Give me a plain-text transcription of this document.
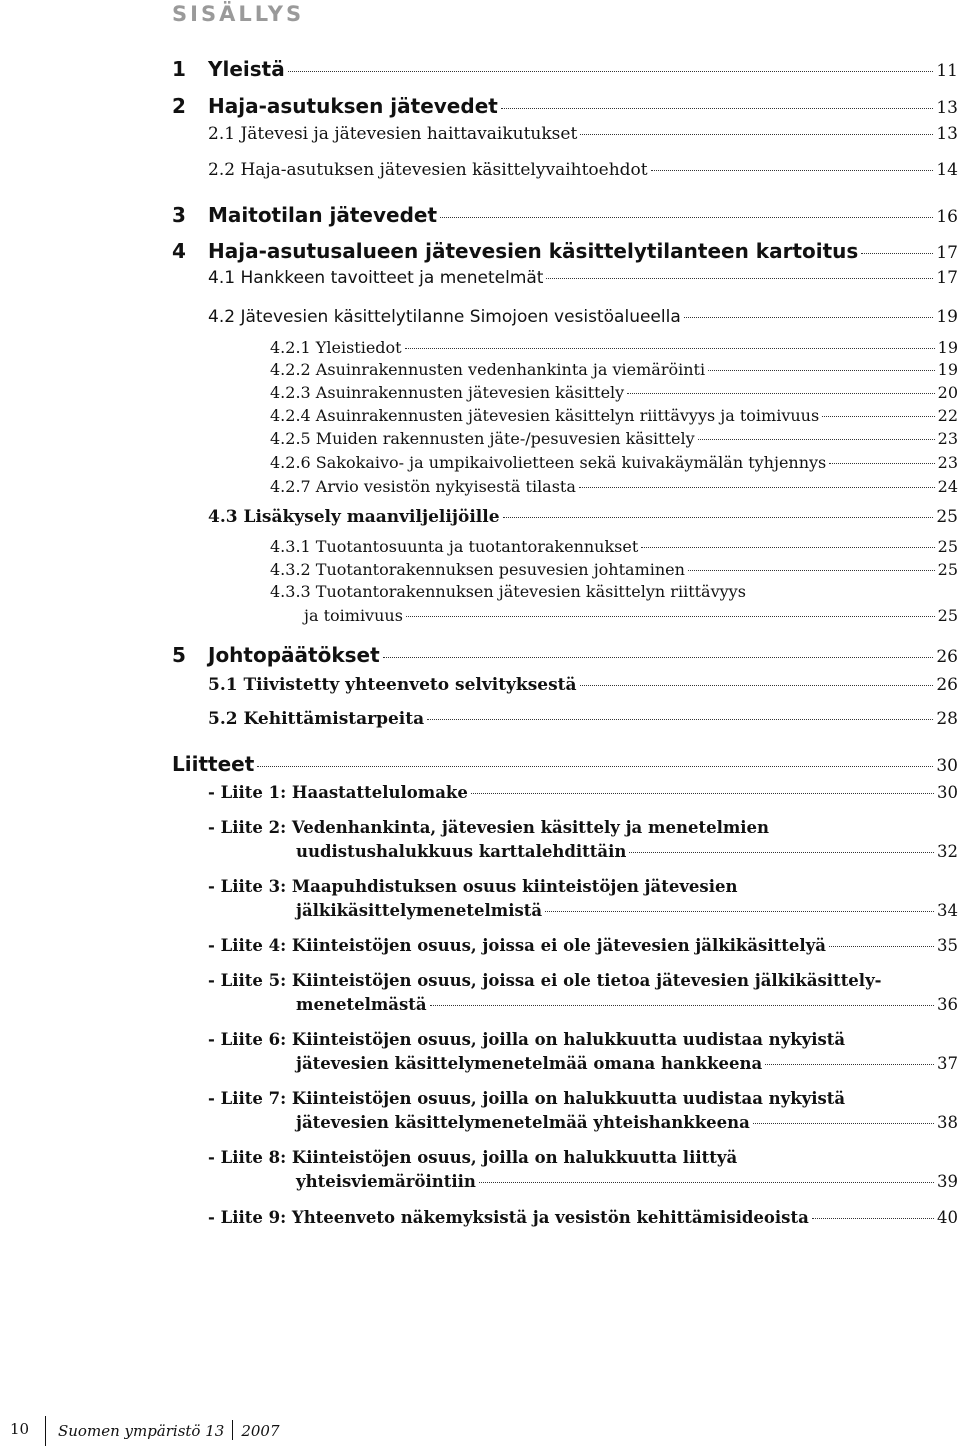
SISÄLLYS
1	Yleistä	11
2	Haja-asutuksen jätevedet	13
2.1 Jätevesi ja jätevesien haittavaikutukset	13
2.2 Haja-asutuksen jätevesien käsittelyvaihtoehdot	14
3	Maitotilan jätevedet	16
4	Haja-asutusalueen jätevesien käsittelytilanteen kartoitus	17
4.1 Hankkeen tavoitteet ja menetelmät	17
4.2 Jätevesien käsittelytilanne Simojoen vesistöalueella	19
4.2.1 Yleistiedot	19
4.2.2 Asuinrakennusten vedenhankinta ja viemäröinti	19
4.2.3 Asuinrakennusten jätevesien käsittely	20
4.2.4 Asuinrakennusten jätevesien käsittelyn riittävyys ja toimivuus	22
4.2.5 Muiden rakennusten jäte-/pesuvesien käsittely	23
4.2.6 Sakokaivo- ja umpikaivolietteen sekä kuivakäymälän tyhjennys	23
4.2.7 Arvio vesistön nykyisestä tilasta	24
4.3 Lisäkysely maanviljelijöille	25
4.3.1 Tuotantosuunta ja tuotantorakennukset	25
4.3.2 Tuotantorakennuksen pesuvesien johtaminen	25
4.3.3 Tuotantorakennuksen jätevesien käsittelyn riittävyys
ja toimivuus	25
5	Johtopäätökset	26
5.1 Tiivistetty yhteenveto selvityksestä	26
5.2 Kehittämistarpeita	28
Liitteet	30
- Liite 1: Haastattelulomake	30
- Liite 2: Vedenhankinta, jätevesien käsittely ja menetelmien
uudistushalukkuus karttalehdittäin	32
- Liite 3: Maapuhdistuksen osuus kiinteistöjen jätevesien
jälkikäsittelymenetelmistä	34
- Liite 4: Kiinteistöjen osuus, joissa ei ole jätevesien jälkikäsittelyä	35
- Liite 5: Kiinteistöjen osuus, joissa ei ole tietoa jätevesien jälkikäsittely-
menetelmästä	36
- Liite 6: Kiinteistöjen osuus, joilla on halukkuutta uudistaa nykyistä
jätevesien käsittelymenetelmää omana hankkeena	37
- Liite 7: Kiinteistöjen osuus, joilla on halukkuutta uudistaa nykyistä
jätevesien käsittelymenetelmää yhteishankkeena	38
- Liite 8: Kiinteistöjen osuus, joilla on halukkuutta liittyä
yhteisviemäröintiin	39
- Liite 9: Yhteenveto näkemyksistä ja vesistön kehittämisideoista	40
10 Suomen ympäristö 13 2007
